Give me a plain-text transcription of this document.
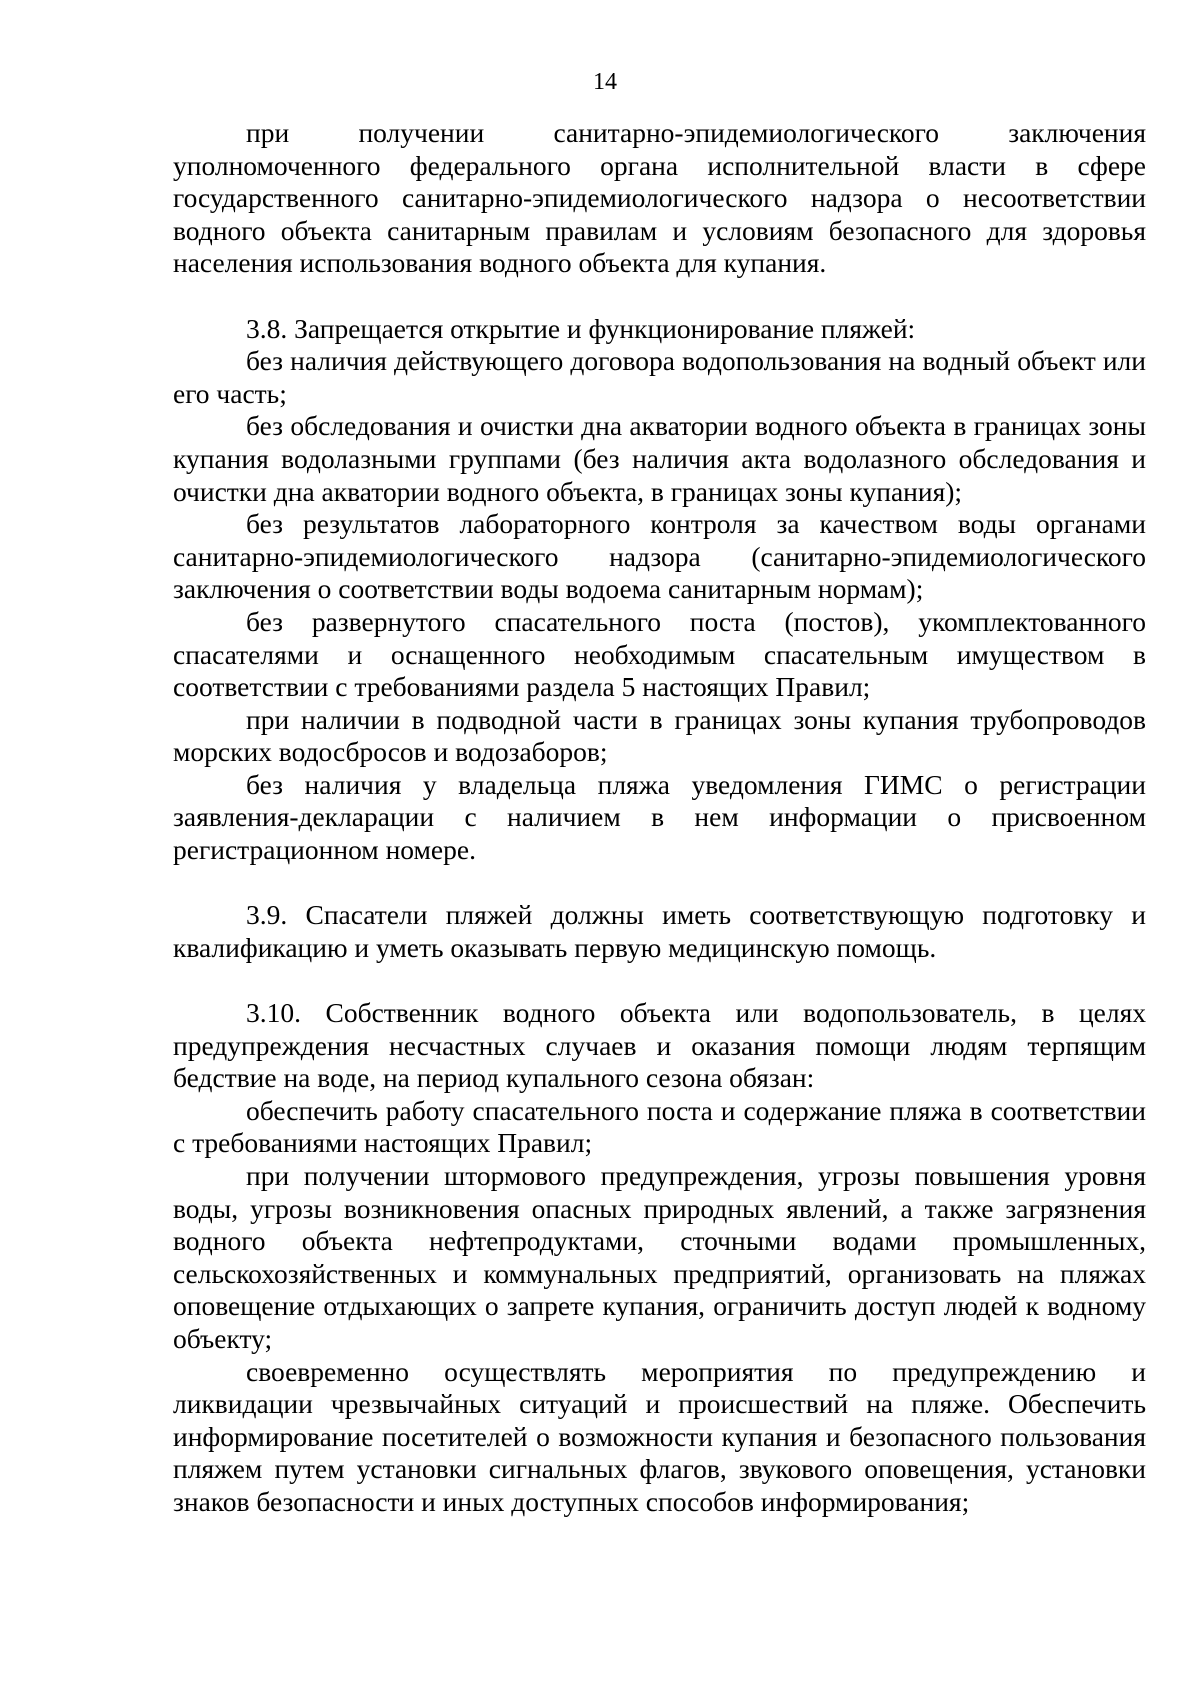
14

при получении санитарно-эпидемиологического заключения уполномоченного федерального органа исполнительной власти в сфере государственного санитарно-эпидемиологического надзора о несоответствии водного объекта санитарным правилам и условиям безопасного для здоровья населения использования водного объекта для купания.

3.8. Запрещается открытие и функционирование пляжей:

без наличия действующего договора водопользования на водный объект или его часть;

без обследования и очистки дна акватории водного объекта в границах зоны купания водолазными группами (без наличия акта водолазного обследования и очистки дна акватории водного объекта, в границах зоны купания);

без результатов лабораторного контроля за качеством воды органами санитарно-эпидемиологического надзора (санитарно-эпидемиологического заключения о соответствии воды водоема санитарным нормам);

без развернутого спасательного поста (постов), укомплектованного спасателями и оснащенного необходимым спасательным имуществом в соответствии с требованиями раздела 5 настоящих Правил;

при наличии в подводной части в границах зоны купания трубопроводов морских водосбросов и водозаборов;

без наличия у владельца пляжа уведомления ГИМС о регистрации заявления-декларации с наличием в нем информации о присвоенном регистрационном номере.

3.9. Спасатели пляжей должны иметь соответствующую подготовку и квалификацию и уметь оказывать первую медицинскую помощь.

3.10. Собственник водного объекта или водопользователь, в целях предупреждения несчастных случаев и оказания помощи людям терпящим бедствие на воде, на период купального сезона обязан:

обеспечить работу спасательного поста и содержание пляжа в соответствии с требованиями настоящих Правил;

при получении штормового предупреждения, угрозы повышения уровня воды, угрозы возникновения опасных природных явлений, а также загрязнения водного объекта нефтепродуктами, сточными водами промышленных, сельскохозяйственных и коммунальных предприятий, организовать на пляжах оповещение отдыхающих о запрете купания, ограничить доступ людей к водному объекту;

своевременно осуществлять мероприятия по предупреждению и ликвидации чрезвычайных ситуаций и происшествий на пляже. Обеспечить информирование посетителей о возможности купания и безопасного пользования пляжем путем установки сигнальных флагов, звукового оповещения, установки знаков безопасности и иных доступных способов информирования;
